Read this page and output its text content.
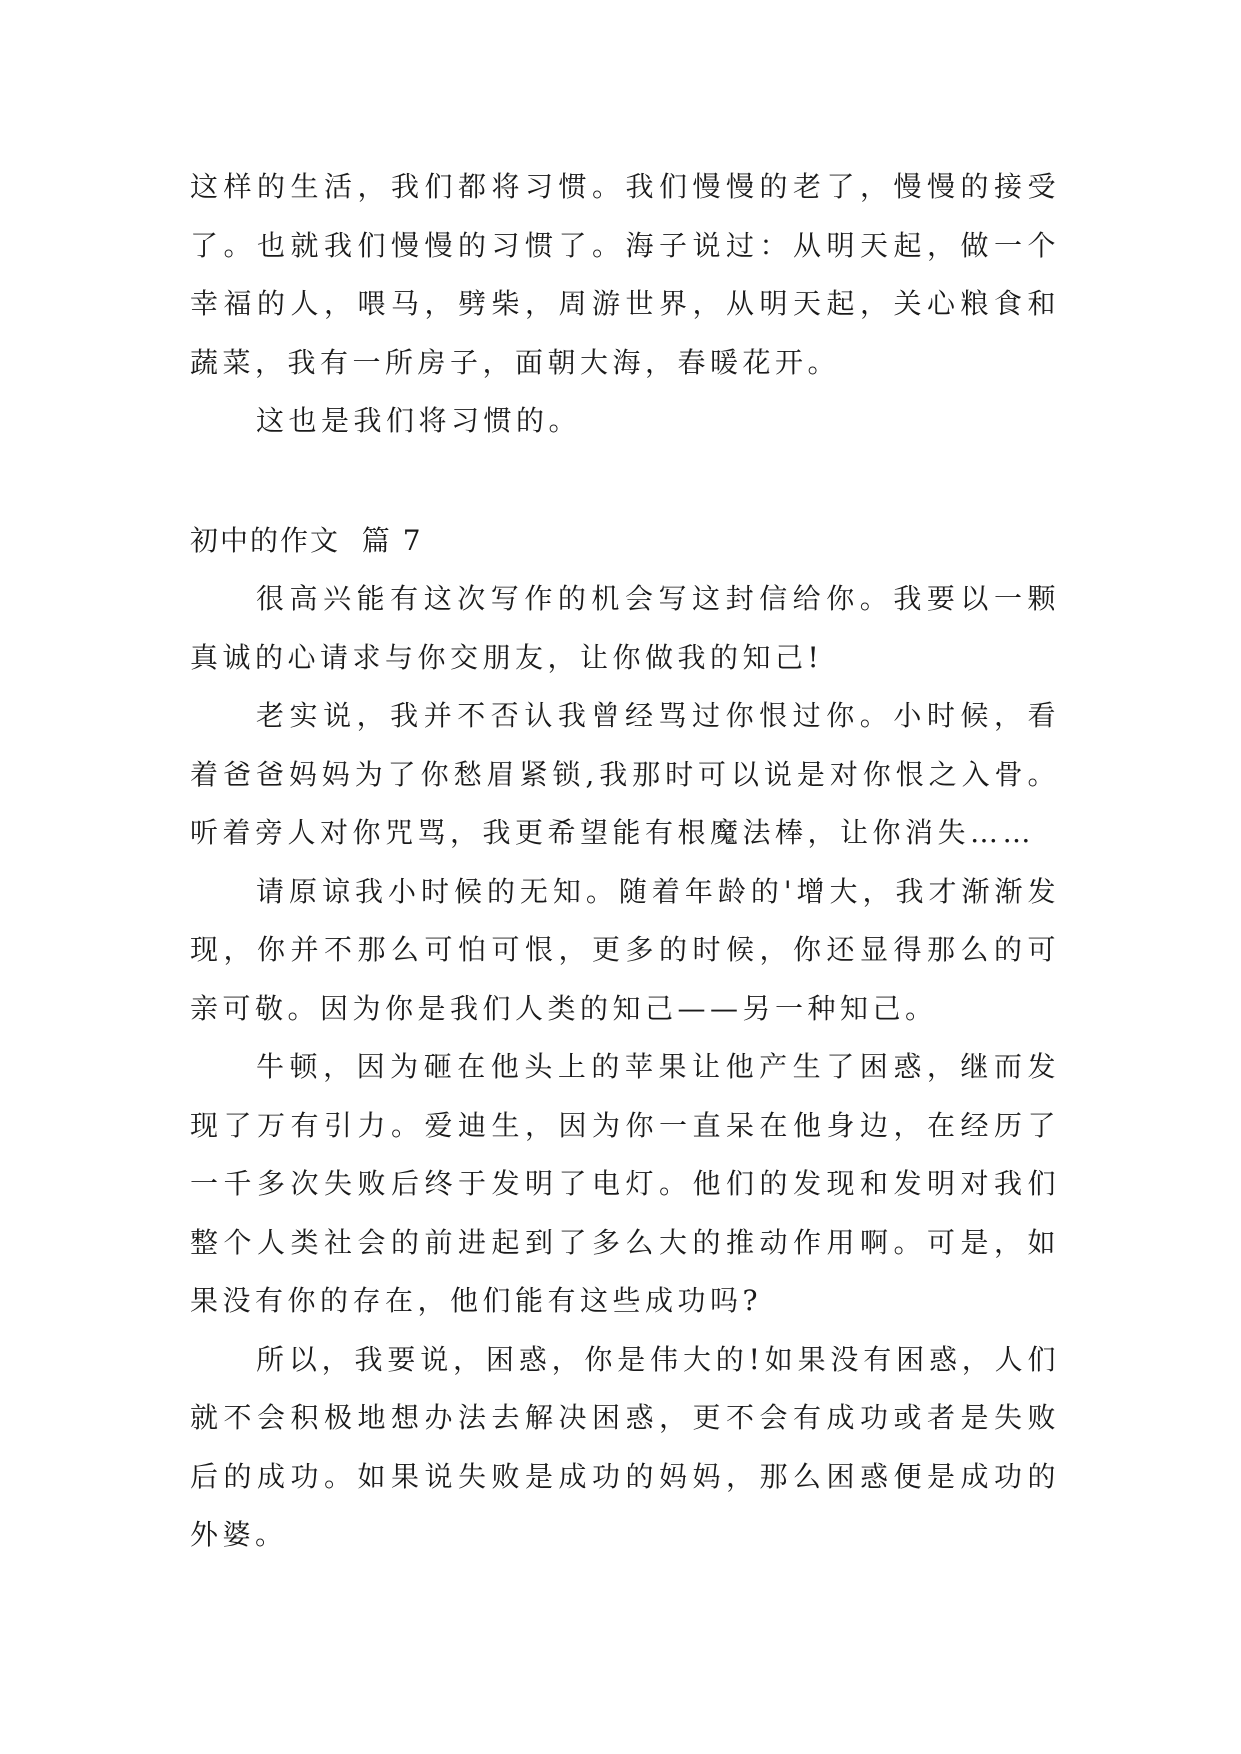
这样的生活，我们都将习惯。我们慢慢的老了，慢慢的接受了。也就我们慢慢的习惯了。海子说过：从明天起，做一个幸福的人，喂马，劈柴，周游世界，从明天起，关心粮食和蔬菜，我有一所房子，面朝大海，春暖花开。

这也是我们将习惯的。

初中的作文  篇 7

很高兴能有这次写作的机会写这封信给你。我要以一颗真诚的心请求与你交朋友，让你做我的知己!

老实说，我并不否认我曾经骂过你恨过你。小时候，看着爸爸妈妈为了你愁眉紧锁,我那时可以说是对你恨之入骨。听着旁人对你咒骂，我更希望能有根魔法棒，让你消失……

请原谅我小时候的无知。随着年龄的'增大，我才渐渐发现，你并不那么可怕可恨，更多的时候，你还显得那么的可亲可敬。因为你是我们人类的知己——另一种知己。

牛顿，因为砸在他头上的苹果让他产生了困惑，继而发现了万有引力。爱迪生，因为你一直呆在他身边，在经历了一千多次失败后终于发明了电灯。他们的发现和发明对我们整个人类社会的前进起到了多么大的推动作用啊。可是，如果没有你的存在，他们能有这些成功吗?

所以，我要说，困惑，你是伟大的!如果没有困惑，人们就不会积极地想办法去解决困惑，更不会有成功或者是失败后的成功。如果说失败是成功的妈妈，那么困惑便是成功的外婆。
